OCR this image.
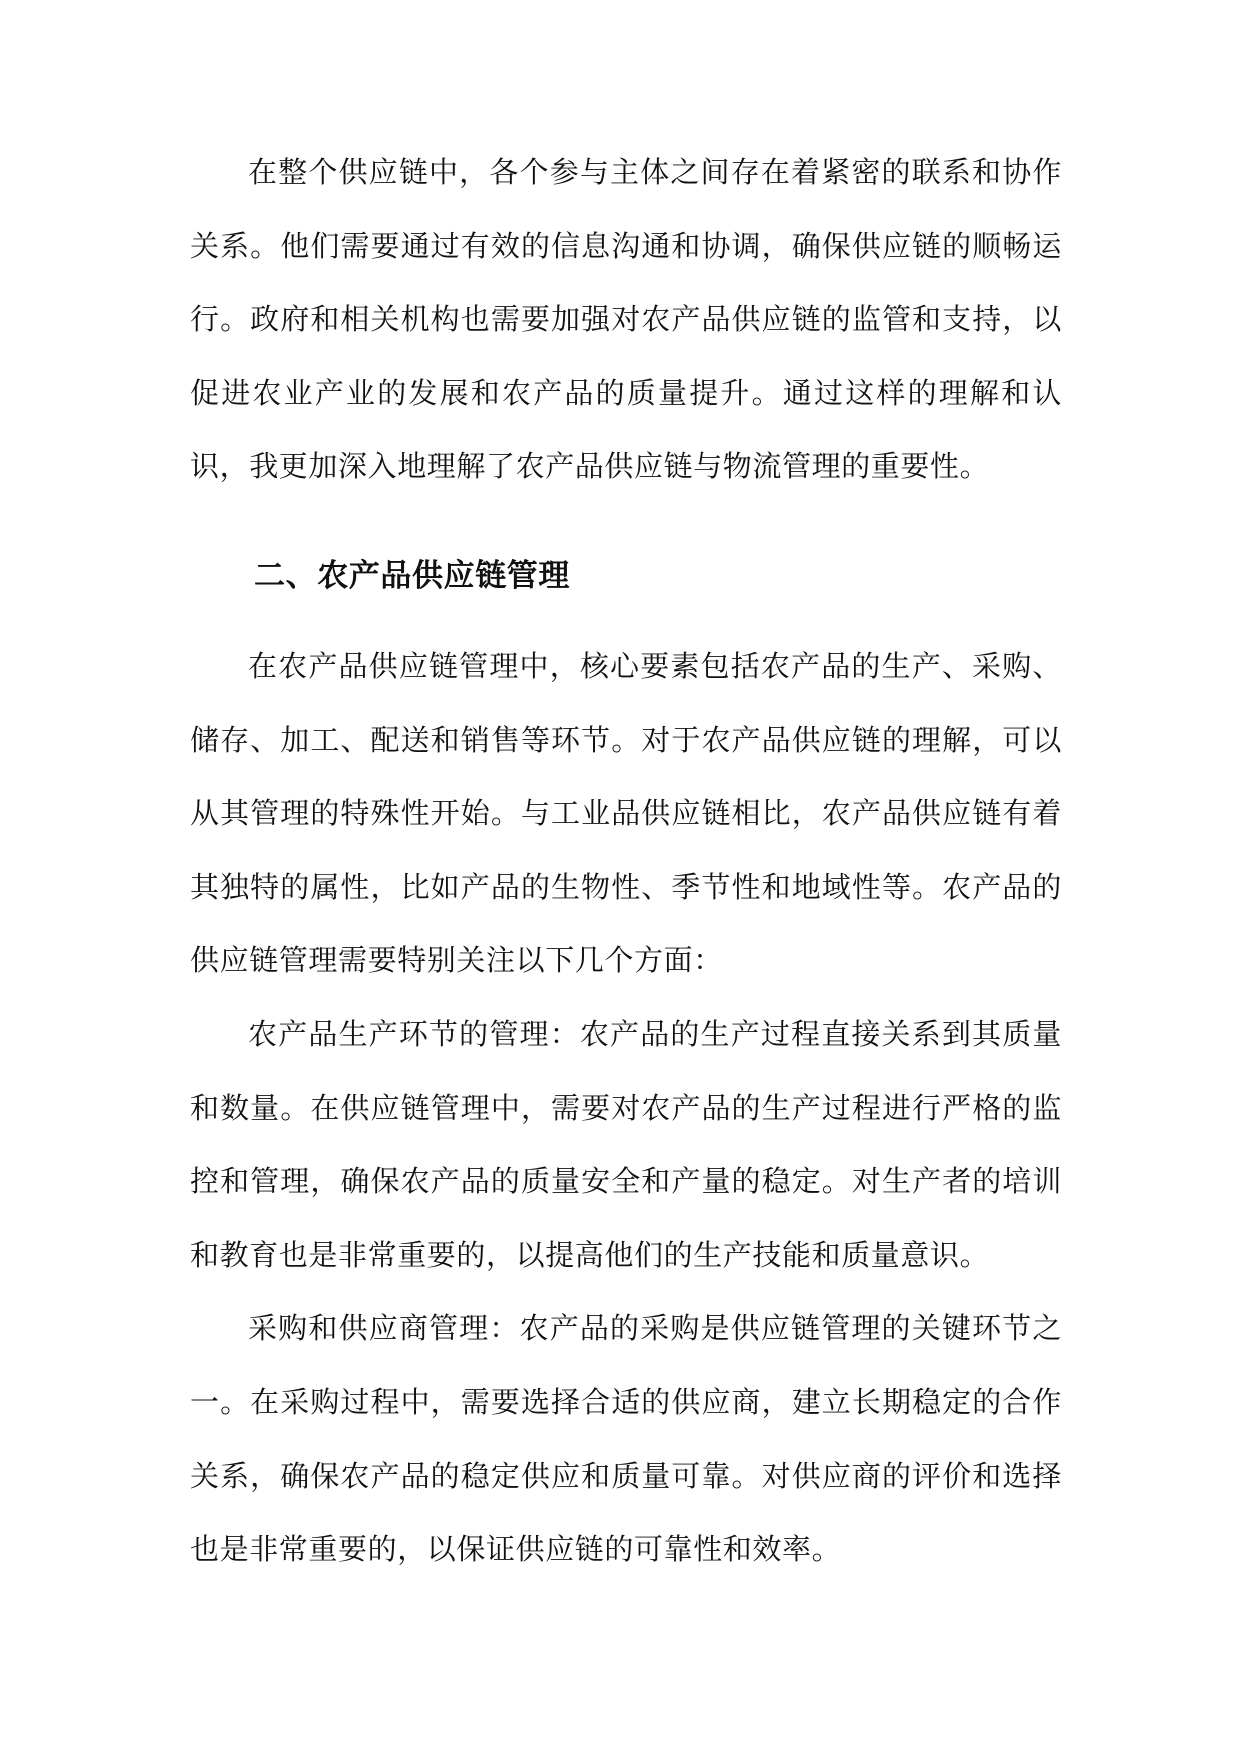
在整个供应链中，各个参与主体之间存在着紧密的联系和协作关系。他们需要通过有效的信息沟通和协调，确保供应链的顺畅运行。政府和相关机构也需要加强对农产品供应链的监管和支持，以促进农业产业的发展和农产品的质量提升。通过这样的理解和认识，我更加深入地理解了农产品供应链与物流管理的重要性。

二、农产品供应链管理

在农产品供应链管理中，核心要素包括农产品的生产、采购、储存、加工、配送和销售等环节。对于农产品供应链的理解，可以从其管理的特殊性开始。与工业品供应链相比，农产品供应链有着其独特的属性，比如产品的生物性、季节性和地域性等。农产品的供应链管理需要特别关注以下几个方面：

农产品生产环节的管理：农产品的生产过程直接关系到其质量和数量。在供应链管理中，需要对农产品的生产过程进行严格的监控和管理，确保农产品的质量安全和产量的稳定。对生产者的培训和教育也是非常重要的，以提高他们的生产技能和质量意识。

采购和供应商管理：农产品的采购是供应链管理的关键环节之一。在采购过程中，需要选择合适的供应商，建立长期稳定的合作关系，确保农产品的稳定供应和质量可靠。对供应商的评价和选择也是非常重要的，以保证供应链的可靠性和效率。
